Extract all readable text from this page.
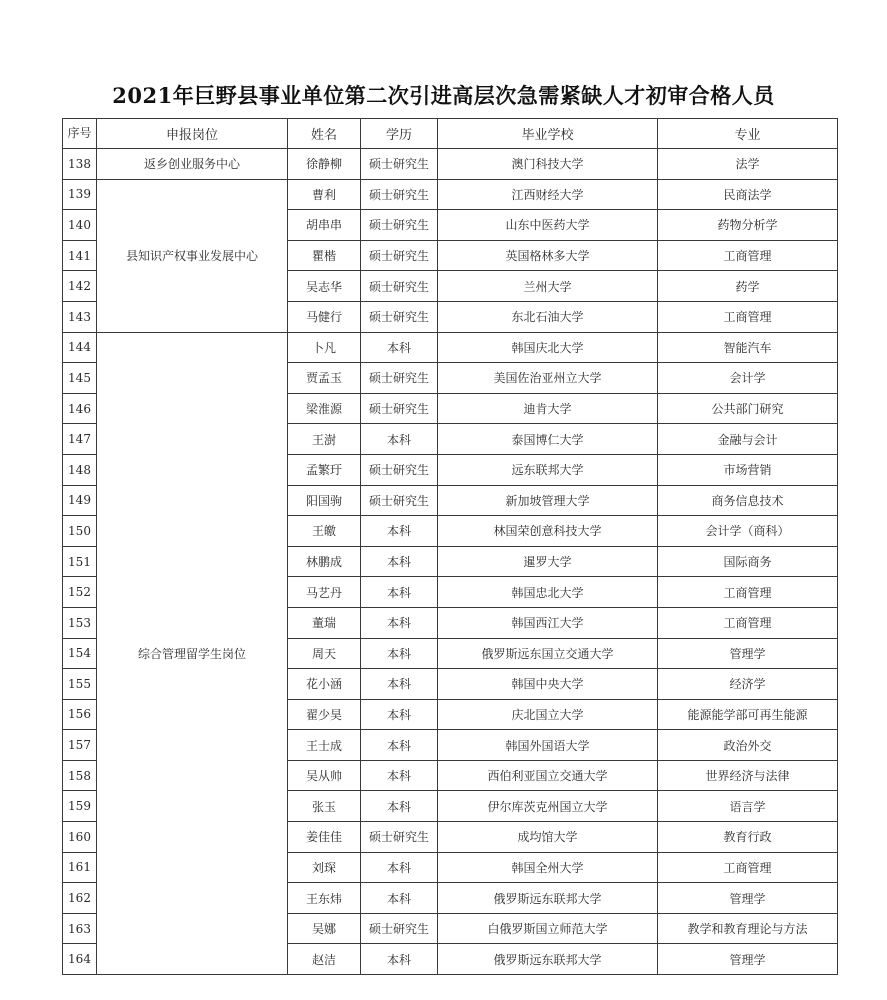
2021年巨野县事业单位第二次引进高层次急需紧缺人才初审合格人员
序号	申报岗位	姓名	学历	毕业学校	专业
138	返乡创业服务中心	徐静柳	硕士研究生	澳门科技大学	法学
139	县知识产权事业发展中心	曹利	硕士研究生	江西财经大学	民商法学
140		胡串串	硕士研究生	山东中医药大学	药物分析学
141		瞿楷	硕士研究生	英国格林多大学	工商管理
142		吴志华	硕士研究生	兰州大学	药学
143		马健行	硕士研究生	东北石油大学	工商管理
144	综合管理留学生岗位	卜凡	本科	韩国庆北大学	智能汽车
145		贾孟玉	硕士研究生	美国佐治亚州立大学	会计学
146		梁淮源	硕士研究生	迪肯大学	公共部门研究
147		王澍	本科	泰国博仁大学	金融与会计
148		孟繁玗	硕士研究生	远东联邦大学	市场营销
149		阳国驹	硕士研究生	新加坡管理大学	商务信息技术
150		王皦	本科	林国荣创意科技大学	会计学（商科）
151		林鹏成	本科	暹罗大学	国际商务
152		马艺丹	本科	韩国忠北大学	工商管理
153		董瑞	本科	韩国西江大学	工商管理
154		周天	本科	俄罗斯远东国立交通大学	管理学
155		花小涵	本科	韩国中央大学	经济学
156		翟少昊	本科	庆北国立大学	能源能学部可再生能源
157		王士成	本科	韩国外国语大学	政治外交
158		吴从帅	本科	西伯利亚国立交通大学	世界经济与法律
159		张玉	本科	伊尔库茨克州国立大学	语言学
160		姜佳佳	硕士研究生	成均馆大学	教育行政
161		刘琛	本科	韩国全州大学	工商管理
162		王东炜	本科	俄罗斯远东联邦大学	管理学
163		吴娜	硕士研究生	白俄罗斯国立师范大学	教学和教育理论与方法
164		赵洁	本科	俄罗斯远东联邦大学	管理学
